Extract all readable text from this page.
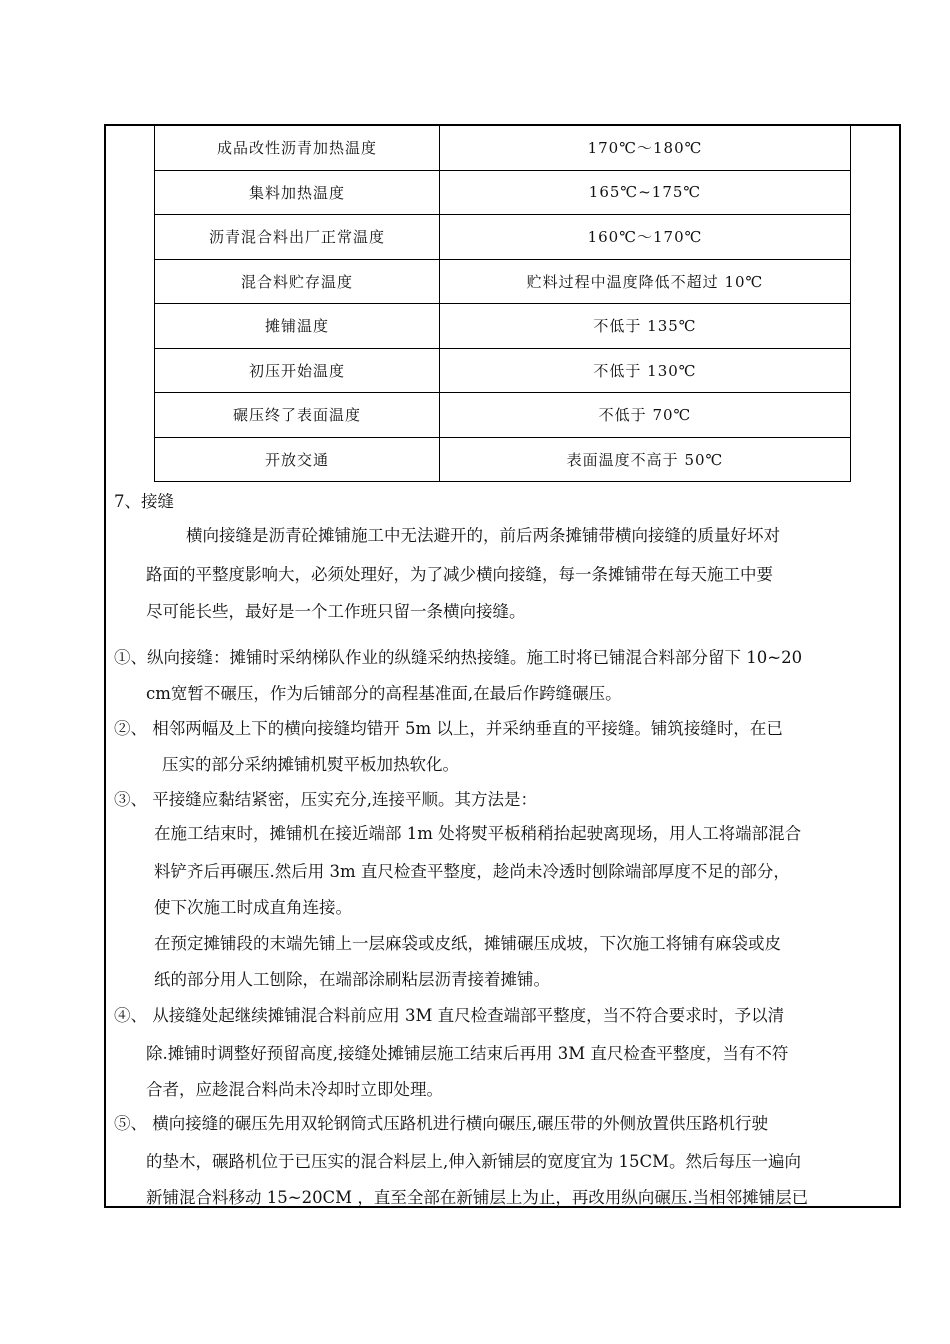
成品改性沥青加热温度	170℃～180℃
集料加热温度	165℃~175℃
沥青混合料出厂正常温度	160℃～170℃
混合料贮存温度	贮料过程中温度降低不超过 10℃
摊铺温度	不低于 135℃
初压开始温度	不低于 130℃
碾压终了表面温度	不低于 70℃
开放交通	表面温度不高于 50℃
7、接缝
横向接缝是沥青砼摊铺施工中无法避开的，前后两条摊铺带横向接缝的质量好坏对
路面的平整度影响大，必须处理好，为了减少横向接缝，每一条摊铺带在每天施工中要
尽可能长些，最好是一个工作班只留一条横向接缝。
①、纵向接缝：摊铺时采纳梯队作业的纵缝采纳热接缝。施工时将已铺混合料部分留下 10~20
cm宽暂不碾压，作为后铺部分的高程基准面,在最后作跨缝碾压。
②、 相邻两幅及上下的横向接缝均错开 5m 以上，并采纳垂直的平接缝。铺筑接缝时，在已
压实的部分采纳摊铺机熨平板加热软化。
③、 平接缝应黏结紧密，压实充分,连接平顺。其方法是：
在施工结束时，摊铺机在接近端部 1m 处将熨平板稍稍抬起驶离现场，用人工将端部混合
料铲齐后再碾压.然后用 3m 直尺检查平整度，趁尚未冷透时刨除端部厚度不足的部分，
使下次施工时成直角连接。
在预定摊铺段的末端先铺上一层麻袋或皮纸，摊铺碾压成坡，下次施工将铺有麻袋或皮
纸的部分用人工刨除，在端部涂刷粘层沥青接着摊铺。
④、 从接缝处起继续摊铺混合料前应用 3M 直尺检查端部平整度，当不符合要求时，予以清
除.摊铺时调整好预留高度,接缝处摊铺层施工结束后再用 3M 直尺检查平整度，当有不符
合者，应趁混合料尚未冷却时立即处理。
⑤、 横向接缝的碾压先用双轮钢筒式压路机进行横向碾压,碾压带的外侧放置供压路机行驶
的垫木，碾路机位于已压实的混合料层上,伸入新铺层的宽度宜为 15CM。然后每压一遍向
新铺混合料移动 15~20CM ，直至全部在新铺层上为止，再改用纵向碾压.当相邻摊铺层已
